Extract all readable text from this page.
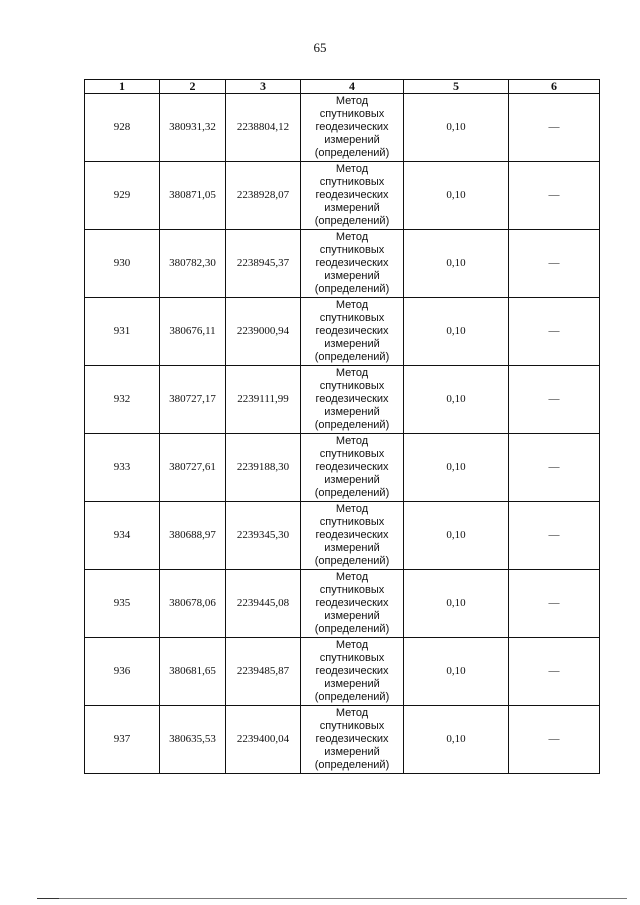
65
1	2	3	4	5	6
928	380931,32	2238804,12	Метод
спутниковых
геодезических
измерений
(определений)	0,10	—
929	380871,05	2238928,07	Метод
спутниковых
геодезических
измерений
(определений)	0,10	—
930	380782,30	2238945,37	Метод
спутниковых
геодезических
измерений
(определений)	0,10	—
931	380676,11	2239000,94	Метод
спутниковых
геодезических
измерений
(определений)	0,10	—
932	380727,17	2239111,99	Метод
спутниковых
геодезических
измерений
(определений)	0,10	—
933	380727,61	2239188,30	Метод
спутниковых
геодезических
измерений
(определений)	0,10	—
934	380688,97	2239345,30	Метод
спутниковых
геодезических
измерений
(определений)	0,10	—
935	380678,06	2239445,08	Метод
спутниковых
геодезических
измерений
(определений)	0,10	—
936	380681,65	2239485,87	Метод
спутниковых
геодезических
измерений
(определений)	0,10	—
937	380635,53	2239400,04	Метод
спутниковых
геодезических
измерений
(определений)	0,10	—
